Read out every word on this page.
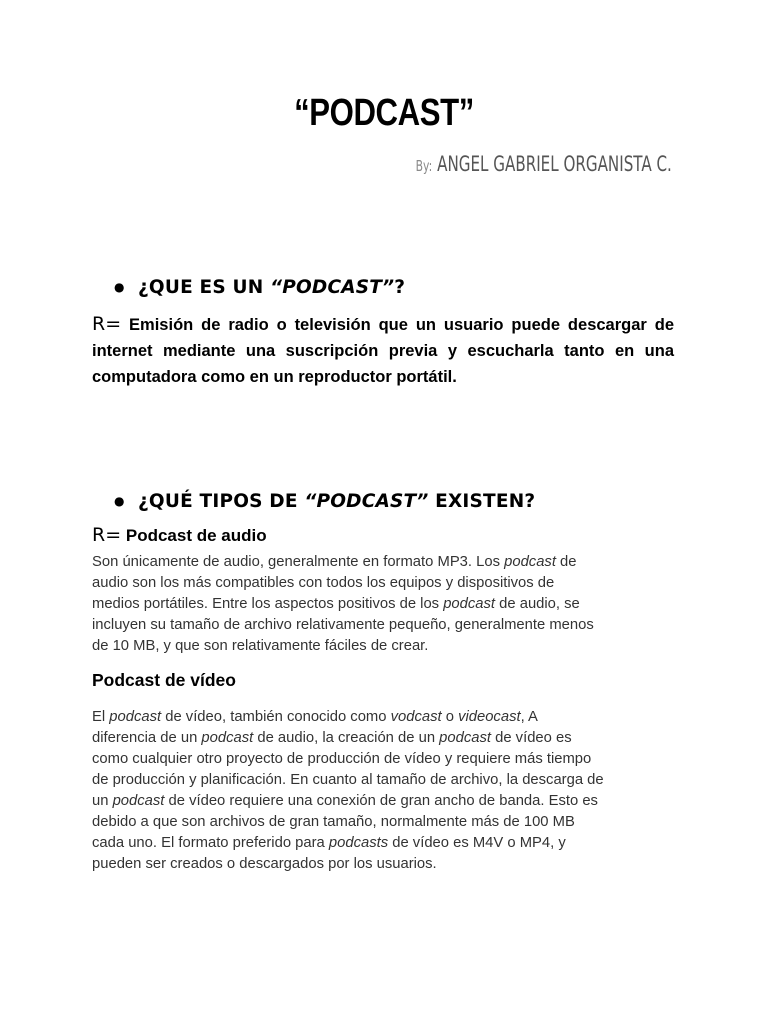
“PODCAST”
By: ANGEL GABRIEL ORGANISTA C.
● ¿QUE ES UN “PODCAST”?
R= Emisión de radio o televisión que un usuario puede descargar de internet mediante una suscripción previa y escucharla tanto en una computadora como en un reproductor portátil.
● ¿QUÉ TIPOS DE “PODCAST” EXISTEN?
R= Podcast de audio
Son únicamente de audio, generalmente en formato MP3. Los podcast de
audio son los más compatibles con todos los equipos y dispositivos de
medios portátiles. Entre los aspectos positivos de los podcast de audio, se
incluyen su tamaño de archivo relativamente pequeño, generalmente menos
de 10 MB, y que son relativamente fáciles de crear.
Podcast de vídeo
El podcast de vídeo, también conocido como vodcast o videocast, A
diferencia de un podcast de audio, la creación de un podcast de vídeo es
como cualquier otro proyecto de producción de vídeo y requiere más tiempo
de producción y planificación. En cuanto al tamaño de archivo, la descarga de
un podcast de vídeo requiere una conexión de gran ancho de banda. Esto es
debido a que son archivos de gran tamaño, normalmente más de 100 MB
cada uno. El formato preferido para podcasts de vídeo es M4V o MP4, y
pueden ser creados o descargados por los usuarios.
